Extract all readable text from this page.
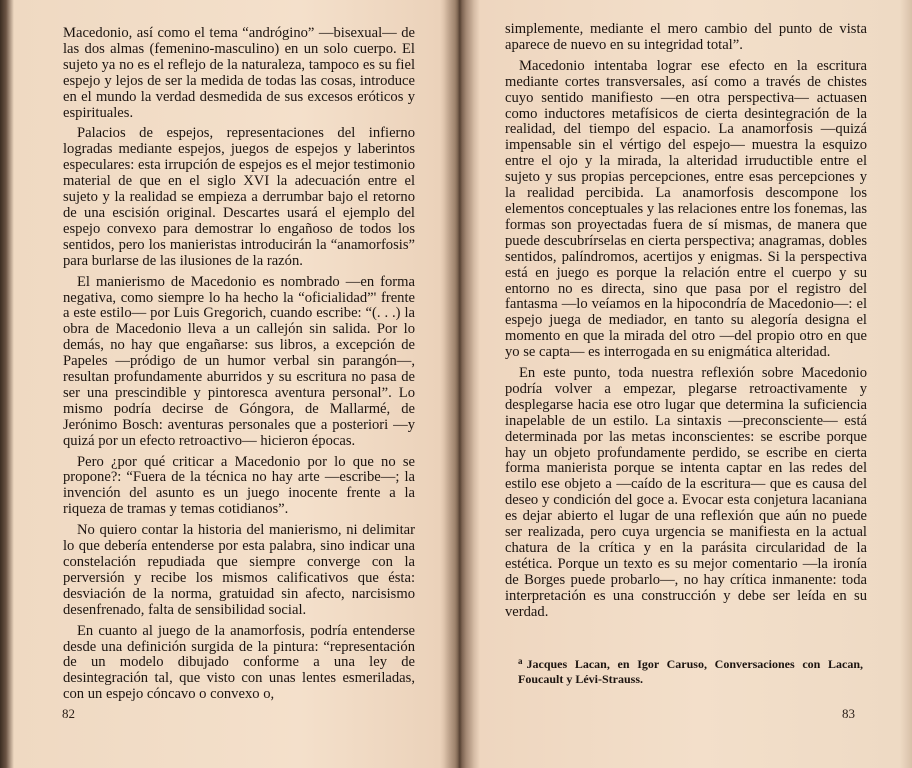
Macedonio, así como el tema “andrógino” —bisexual— de las dos almas (femenino-masculino) en un solo cuerpo. El sujeto ya no es el reflejo de la naturaleza, tampoco es su fiel espejo y lejos de ser la medida de todas las cosas, introduce en el mundo la verdad desmedida de sus excesos eróticos y espirituales.

Palacios de espejos, representaciones del infierno logradas mediante espejos, juegos de espejos y laberintos especulares: esta irrupción de espejos es el mejor testimonio material de que en el siglo XVI la adecuación entre el sujeto y la realidad se empieza a derrumbar bajo el retorno de una escisión original. Descartes usará el ejemplo del espejo convexo para demostrar lo engañoso de todos los sentidos, pero los manieristas introducirán la “anamorfosis” para burlarse de las ilusiones de la razón.

El manierismo de Macedonio es nombrado —en forma negativa, como siempre lo ha hecho la “oficialidad”' frente a este estilo— por Luis Gregorich, cuando escribe: “(. . .) la obra de Macedonio lleva a un callejón sin salida. Por lo demás, no hay que engañarse: sus libros, a excepción de Papeles —pródigo de un humor verbal sin parangón—, resultan profundamente aburridos y su escritura no pasa de ser una prescindible y pintoresca aventura personal”. Lo mismo podría decirse de Góngora, de Mallarmé, de Jerónimo Bosch: aventuras personales que a posteriori —y quizá por un efecto retroactivo— hicieron épocas.

Pero ¿por qué criticar a Macedonio por lo que no se propone?: “Fuera de la técnica no hay arte —escribe—; la invención del asunto es un juego inocente frente a la riqueza de tramas y temas cotidianos”.

No quiero contar la historia del manierismo, ni delimitar lo que debería entenderse por esta palabra, sino indicar una constelación repudiada que siempre converge con la perversión y recibe los mismos calificativos que ésta: desviación de la norma, gratuidad sin afecto, narcisismo desenfrenado, falta de sensibilidad social.

En cuanto al juego de la anamorfosis, podría entenderse desde una definición surgida de la pintura: “representación de un modelo dibujado conforme a una ley de desintegración tal, que visto con unas lentes esmeriladas, con un espejo cóncavo o convexo o,

82

simplemente, mediante el mero cambio del punto de vista aparece de nuevo en su integridad total”.

Macedonio intentaba lograr ese efecto en la escritura mediante cortes transversales, así como a través de chistes cuyo sentido manifiesto —en otra perspectiva— actuasen como inductores metafísicos de cierta desintegración de la realidad, del tiempo del espacio. La anamorfosis —quizá impensable sin el vértigo del espejo— muestra la esquizo entre el ojo y la mirada, la alteridad irruductible entre el sujeto y sus propias percepciones, entre esas percepciones y la realidad percibida. La anamorfosis descompone los elementos conceptuales y las relaciones entre los fonemas, las formas son proyectadas fuera de sí mismas, de manera que puede descubrírselas en cierta perspectiva; anagramas, dobles sentidos, palíndromos, acertijos y enigmas. Si la perspectiva está en juego es porque la relación entre el cuerpo y su entorno no es directa, sino que pasa por el registro del fantasma —lo veíamos en la hipocondría de Macedonio—: el espejo juega de mediador, en tanto su alegoría designa el momento en que la mirada del otro —del propio otro en que yo se capta— es interrogada en su enigmática alteridad.

En este punto, toda nuestra reflexión sobre Macedonio podría volver a empezar, plegarse retroactivamente y desplegarse hacia ese otro lugar que determina la suficiencia inapelable de un estilo. La sintaxis —preconsciente— está determinada por las metas inconscientes: se escribe porque hay un objeto profundamente perdido, se escribe en cierta forma manierista porque se intenta captar en las redes del estilo ese objeto a —caído de la escritura— que es causa del deseo y condición del goce a. Evocar esta conjetura lacaniana es dejar abierto el lugar de una reflexión que aún no puede ser realizada, pero cuya urgencia se manifiesta en la actual chatura de la crítica y en la parásita circularidad de la estética. Porque un texto es su mejor comentario —la ironía de Borges puede probarlo—, no hay crítica inmanente: toda interpretación es una construcción y debe ser leída en su verdad.

$^a$ Jacques Lacan, en Igor Caruso, Conversaciones con Lacan, Foucault y Lévi-Strauss.
83
